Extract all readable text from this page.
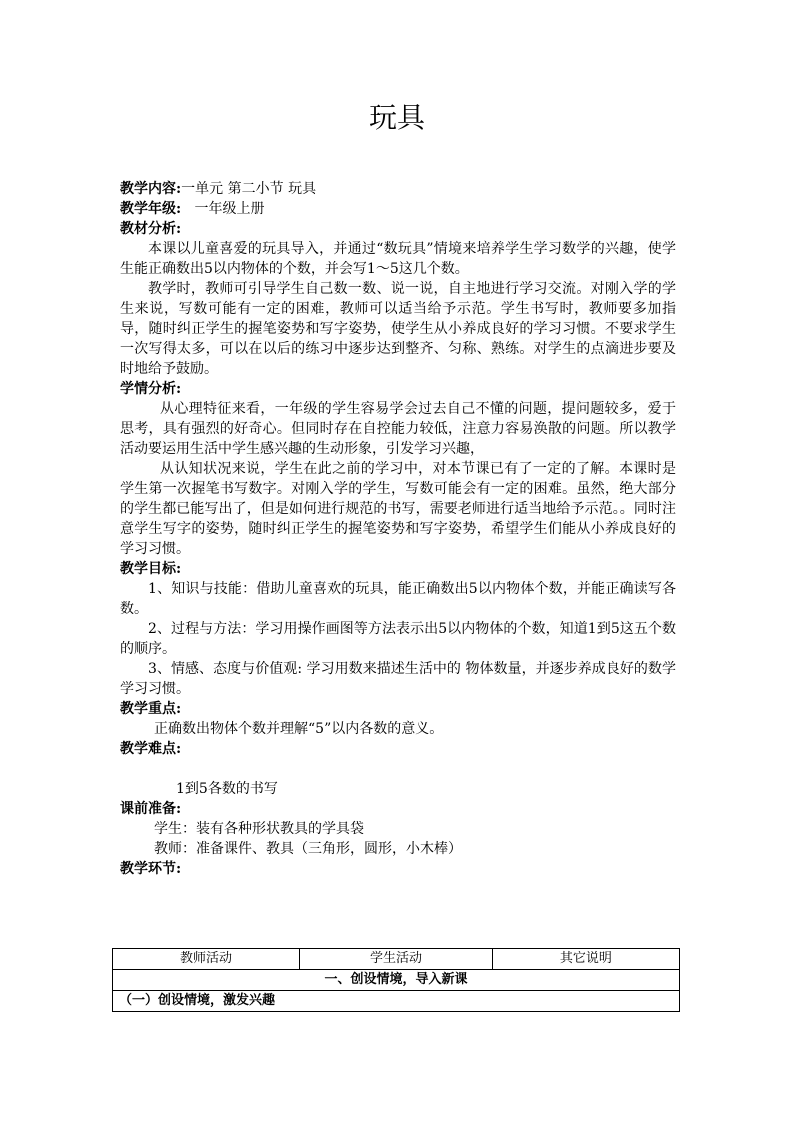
玩具
教学内容:一单元 第二小节 玩具
教学年级:   一年级上册
教材分析:
本课以儿童喜爱的玩具导入，并通过“数玩具”情境来培养学生学习数学的兴趣，使学生能正确数出5以内物体的个数，并会写1～5这几个数。
教学时，教师可引导学生自己数一数、说一说，自主地进行学习交流。对刚入学的学生来说，写数可能有一定的困难，教师可以适当给予示范。学生书写时，教师要多加指导，随时纠正学生的握笔姿势和写字姿势，使学生从小养成良好的学习习惯。不要求学生一次写得太多，可以在以后的练习中逐步达到整齐、匀称、熟练。对学生的点滴进步要及时地给予鼓励。
学情分析:
从心理特征来看，一年级的学生容易学会过去自己不懂的问题，提问题较多，爱于思考，具有强烈的好奇心。但同时存在自控能力较低，注意力容易涣散的问题。所以教学活动要运用生活中学生感兴趣的生动形象，引发学习兴趣，
从认知状况来说，学生在此之前的学习中，对本节课已有了一定的了解。本课时是学生第一次握笔书写数字。对刚入学的学生，写数可能会有一定的困难。虽然，绝大部分的学生都已能写出了，但是如何进行规范的书写，需要老师进行适当地给予示范。。同时注意学生写字的姿势，随时纠正学生的握笔姿势和写字姿势，希望学生们能从小养成良好的学习习惯。
教学目标:
1、知识与技能：借助儿童喜欢的玩具，能正确数出5以内物体个数，并能正确读写各数。
2、过程与方法：学习用操作画图等方法表示出5以内物体的个数，知道1到5这五个数的顺序。
3、情感、态度与价值观: 学习用数来描述生活中的 物体数量，并逐步养成良好的数学学习习惯。
教学重点:
正确数出物体个数并理解“5”以内各数的意义。
教学难点:
1到5各数的书写
课前准备:
学生：装有各种形状教具的学具袋
教师：准备课件、教具（三角形，圆形，小木棒）
教学环节:
教师活动	学生活动	其它说明
一、创设情境，导入新课
（一）创设情境，激发兴趣
